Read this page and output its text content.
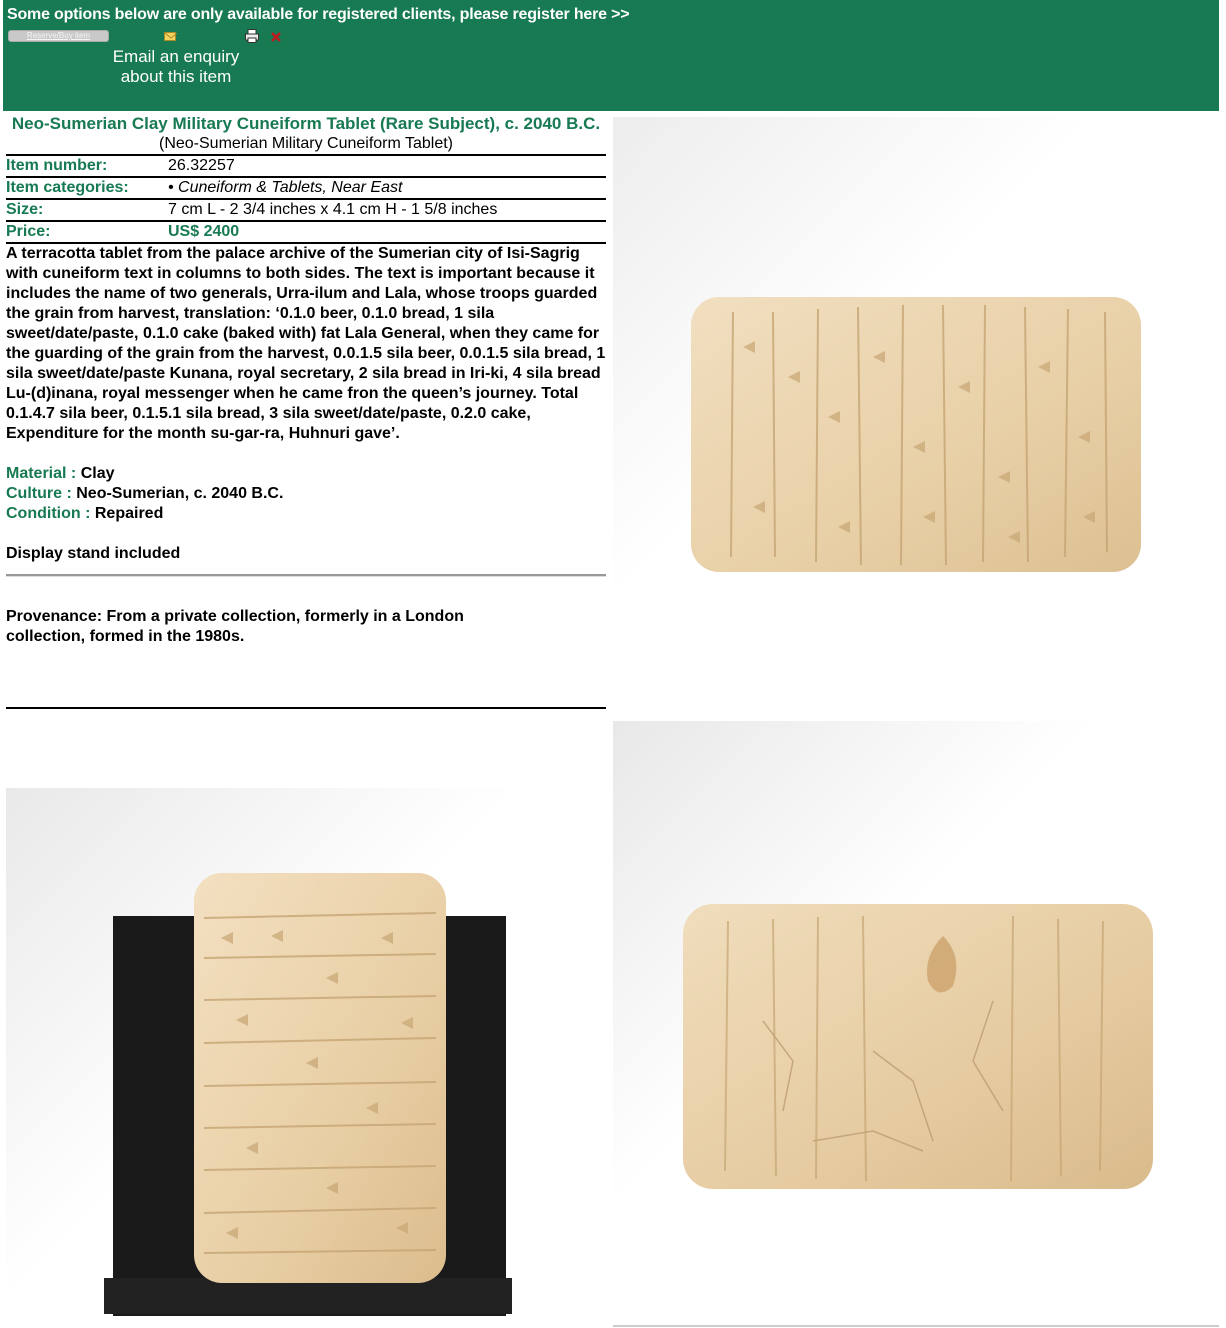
Some options below are only available for registered clients, please register here >>
Reserve/Buy item
Email an enquiry about this item
Neo-Sumerian Clay Military Cuneiform Tablet (Rare Subject), c. 2040 B.C.
(Neo-Sumerian Military Cuneiform Tablet)
Item number:	26.32257
Item categories:	• Cuneiform & Tablets, Near East
Size:	7 cm L - 2 3/4 inches x 4.1 cm H - 1 5/8 inches
Price:	US$ 2400
A terracotta tablet from the palace archive of the Sumerian city of Isi-Sagrig with cuneiform text in columns to both sides. The text is important because it includes the name of two generals, Urra-ilum and Lala, whose troops guarded the grain from harvest, translation: ‘0.1.0 beer, 0.1.0 bread, 1 sila sweet/date/paste, 0.1.0 cake (baked with) fat Lala General, when they came for the guarding of the grain from the harvest, 0.0.1.5 sila beer, 0.0.1.5 sila bread, 1 sila sweet/date/paste Kunana, royal secretary, 2 sila bread in Iri-ki, 4 sila bread Lu-(d)inana, royal messenger when he came fron the queen’s journey. Total 0.1.4.7 sila beer, 0.1.5.1 sila bread, 3 sila sweet/date/paste, 0.2.0 cake, Expenditure for the month su-gar-ra, Huhnuri gave’.
Material : Clay
Culture : Neo-Sumerian, c. 2040 B.C.
Condition : Repaired
Display stand included
Provenance: From a private collection, formerly in a London collection, formed in the 1980s.
